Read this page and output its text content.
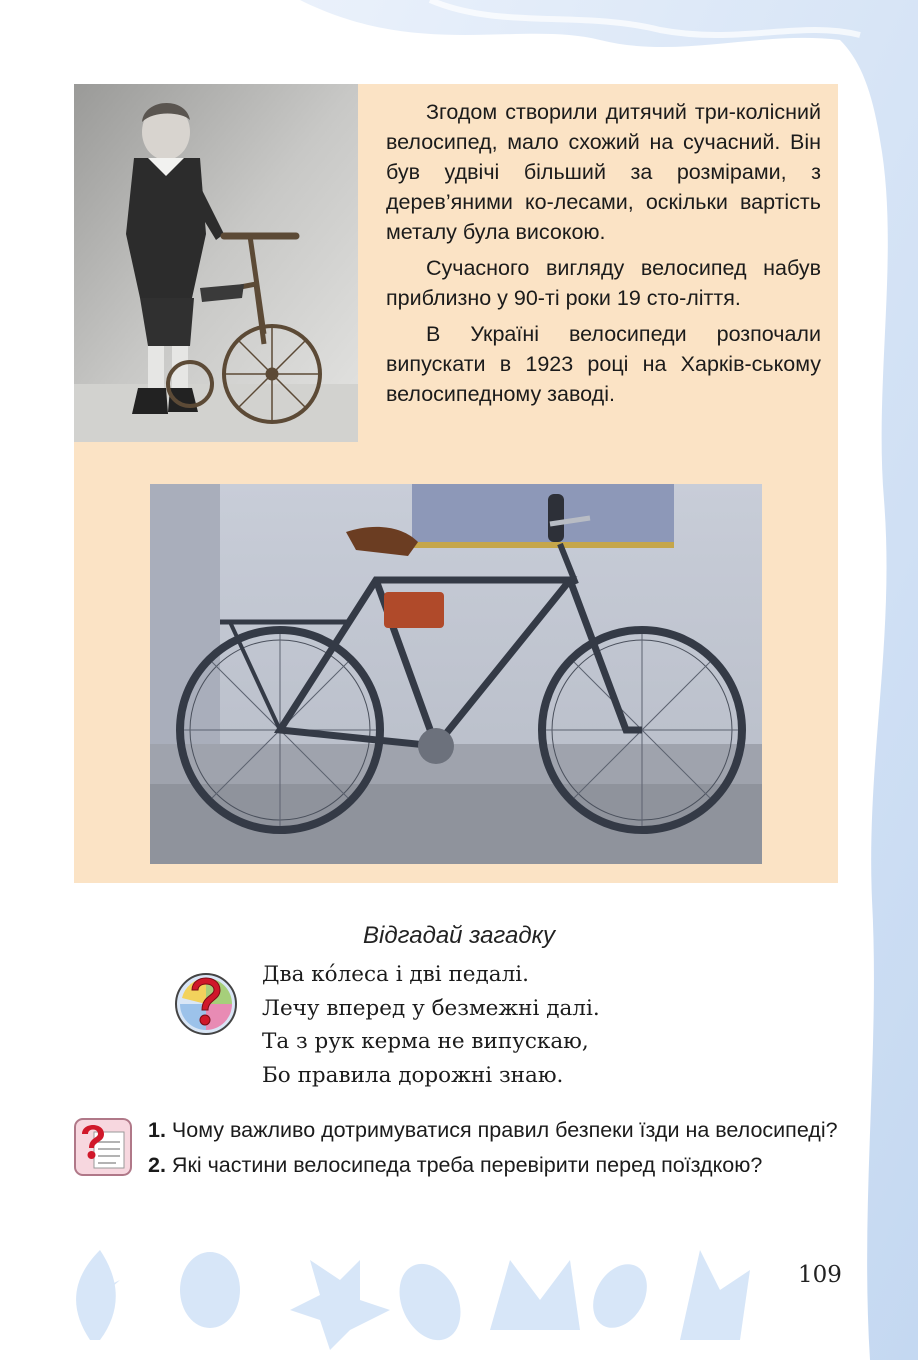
Згодом створили дитячий три-колісний велосипед, мало схожий на сучасний. Він був удвічі більший за розмірами, з дерев’яними ко-лесами, оскільки вартість металу була високою.

Сучасного вигляду велосипед набув приблизно у 90-ті роки 19 сто-ліття.

В Україні велосипеди розпочали випускати в 1923 році на Харків-ському велосипедному заводі.

Відгадай загадку
Два ко́лeса і дві педалі.
Лечу вперед у безмежні далі.
Та з рук керма не випускаю,
Бо правила дорожні знаю.

1. Чому важливо дотримуватися правил безпеки їзди на велосипеді?

2. Які частини велосипеда треба перевірити перед поїздкою?

109
